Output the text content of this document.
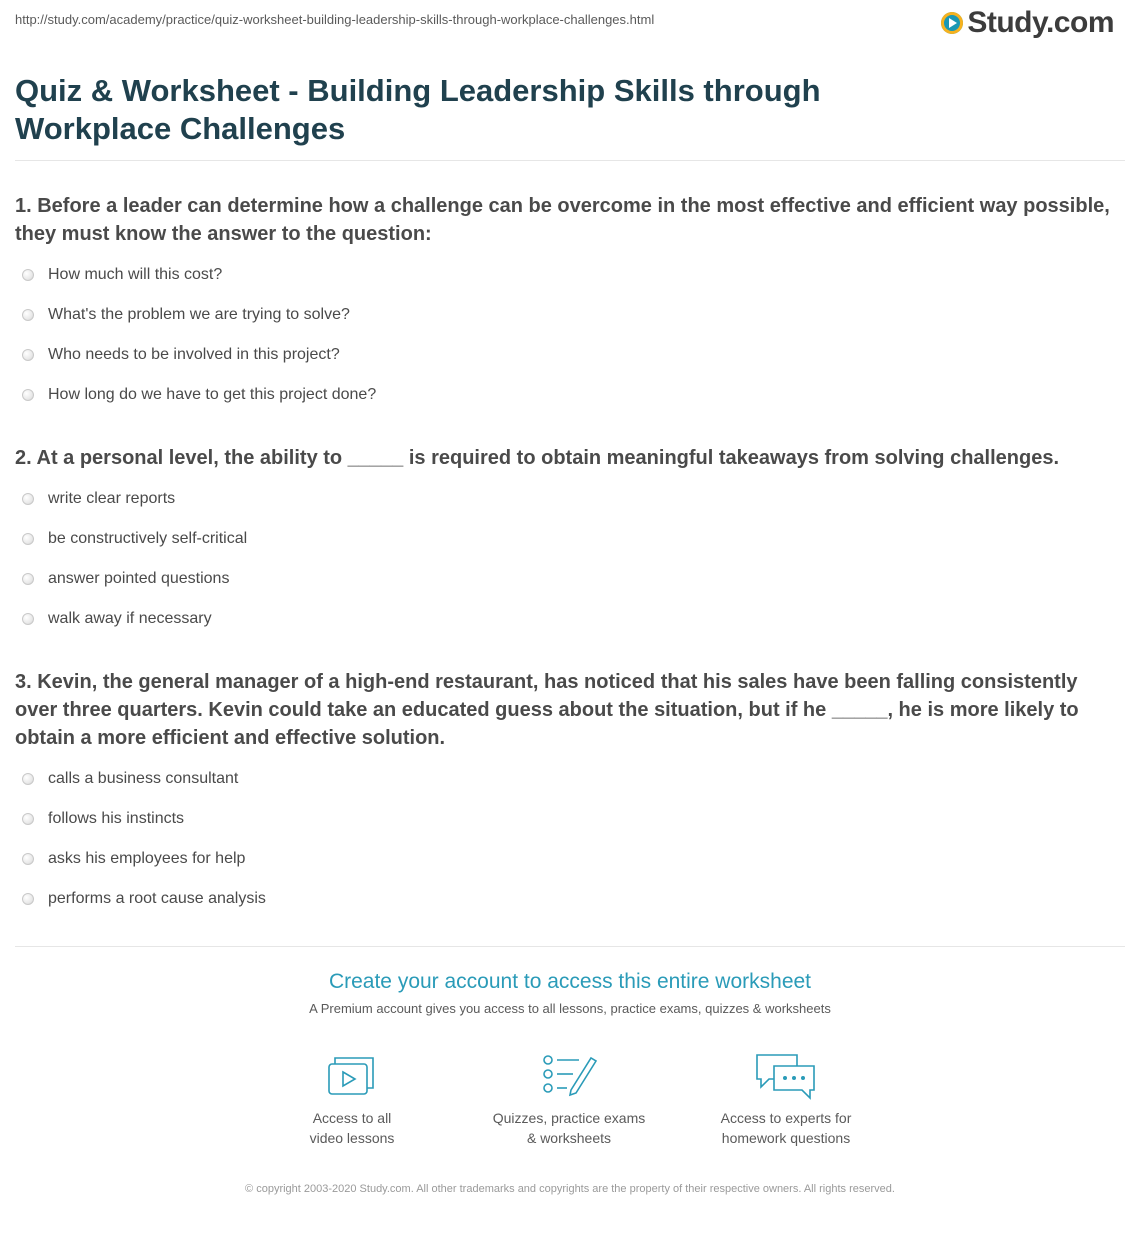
http://study.com/academy/practice/quiz-worksheet-building-leadership-skills-through-workplace-challenges.html	Study.com
Quiz & Worksheet - Building Leadership Skills through Workplace Challenges
1. Before a leader can determine how a challenge can be overcome in the most effective and efficient way possible, they must know the answer to the question:
How much will this cost?
What's the problem we are trying to solve?
Who needs to be involved in this project?
How long do we have to get this project done?
2. At a personal level, the ability to _____ is required to obtain meaningful takeaways from solving challenges.
write clear reports
be constructively self-critical
answer pointed questions
walk away if necessary
3. Kevin, the general manager of a high-end restaurant, has noticed that his sales have been falling consistently over three quarters. Kevin could take an educated guess about the situation, but if he _____, he is more likely to obtain a more efficient and effective solution.
calls a business consultant
follows his instincts
asks his employees for help
performs a root cause analysis
Create your account to access this entire worksheet
A Premium account gives you access to all lessons, practice exams, quizzes & worksheets
Access to all
video lessons
Quizzes, practice exams
& worksheets
Access to experts for
homework questions
© copyright 2003-2020 Study.com. All other trademarks and copyrights are the property of their respective owners. All rights reserved.
